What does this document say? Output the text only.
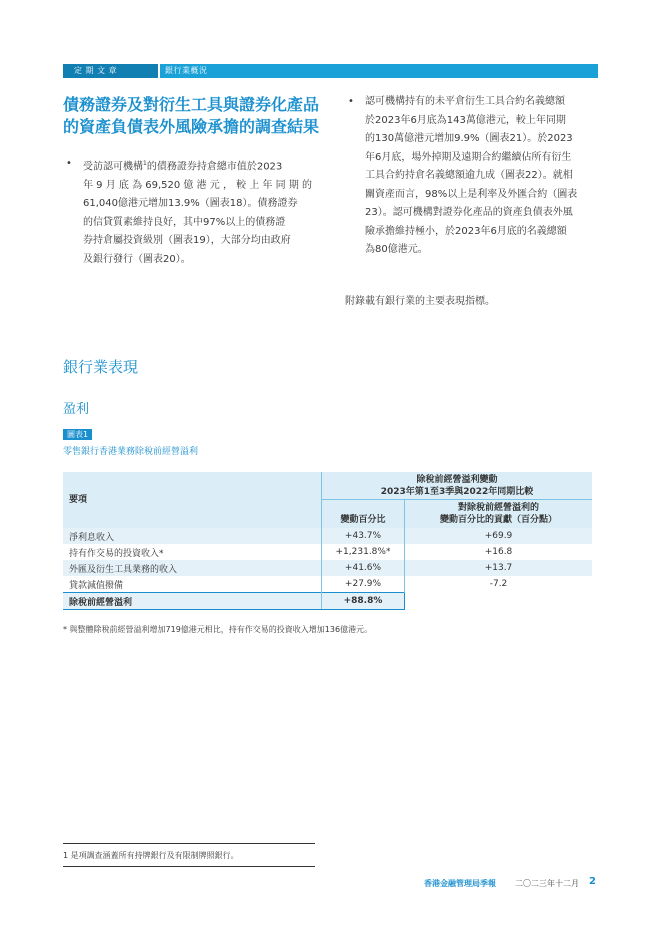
定 期 文 章	銀行業概況
債務證券及對衍生工具與證券化產品的資產負債表外風險承擔的調查結果
• 受訪認可機構$^1$的債務證券持倉總市值於2023
年 9 月 底 為 69,520 億 港 元 ， 較 上 年 同 期 的
61,040億港元增加13.9%（圖表18）。債務證券
的信貸質素維持良好，其中97%以上的債務證
券持倉屬投資級別（圖表19），大部分均由政府
及銀行發行（圖表20）。
• 認可機構持有的未平倉衍生工具合約名義總額
於2023年6月底為143萬億港元，較上年同期
的130萬億港元增加9.9%（圖表21）。於2023
年6月底，場外掉期及遠期合約繼續佔所有衍生
工具合約持倉名義總額逾九成（圖表22）。就相
關資產而言，98%以上是利率及外匯合約（圖表
23）。認可機構對證券化產品的資產負債表外風
險承擔維持極小，於2023年6月底的名義總額
為80億港元。
附錄載有銀行業的主要表現指標。
銀行業表現
盈利
圖表1
零售銀行香港業務除稅前經營溢利
要項	除稅前經營溢利變動
2023年第1至3季與2022年同期比較	

	變動百分比	對除稅前經營溢利的
變動百分比的貢獻（百分點）

淨利息收入	+43.7%	+69.9
持有作交易的投資收入*	+1,231.8%*	+16.8
外匯及衍生工具業務的收入	+41.6%	+13.7
貸款減值撥備	+27.9%	-7.2
除稅前經營溢利	+88.8%	
* 與整體除稅前經營溢利增加719億港元相比，持有作交易的投資收入增加136億港元。
1 是項調查涵蓋所有持牌銀行及有限制牌照銀行。
香港金融管理局季報 二〇二三年十二月 2
